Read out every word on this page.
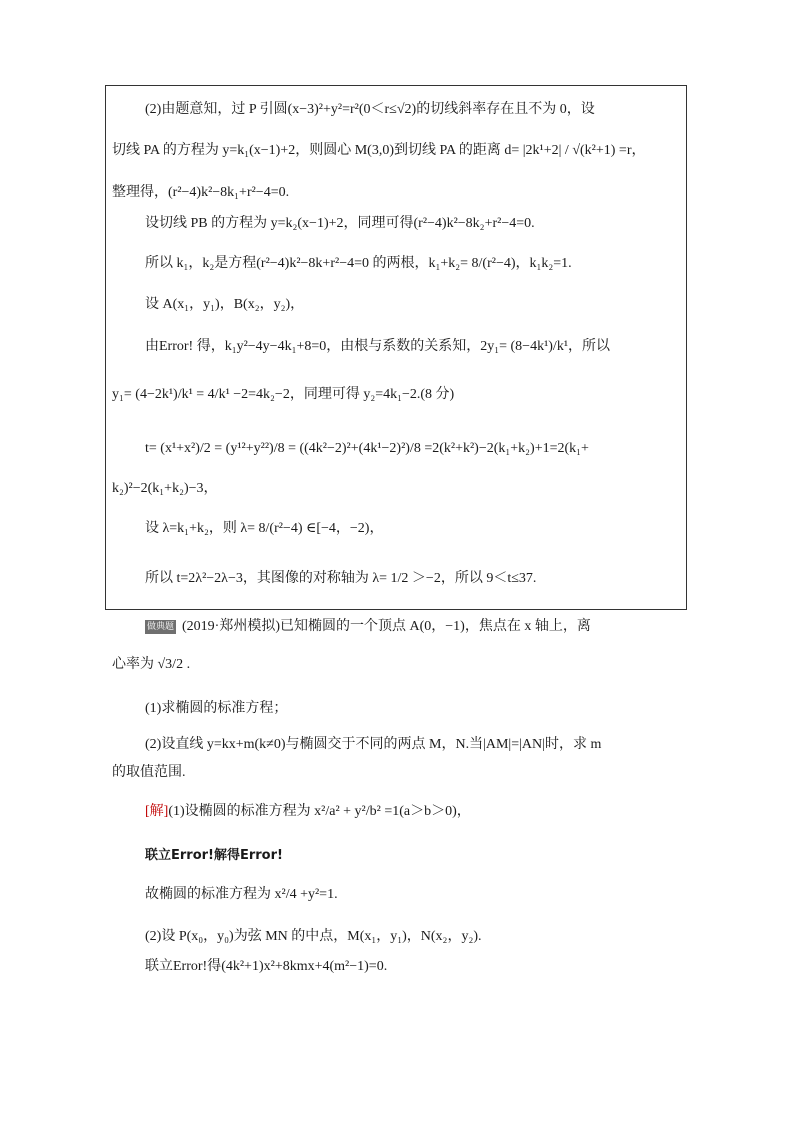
(2)由题意知，过 P 引圆(x−3)²+y²=r²(0＜r≤√2)的切线斜率存在且不为 0，设
切线 PA 的方程为 y=k₁(x−1)+2，则圆心 M(3,0)到切线 PA 的距离 d= |2k¹+2| / √(k²+1) =r，
整理得，(r²−4)k²−8k₁+r²−4=0.
设切线 PB 的方程为 y=k₂(x−1)+2，同理可得(r²−4)k²−8k₂+r²−4=0.
所以 k₁，k₂是方程(r²−4)k²−8k+r²−4=0 的两根，k₁+k₂= 8/(r²−4)，k₁k₂=1.
设 A(x₁，y₁)，B(x₂，y₂)，
由Error! 得，k₁y²−4y−4k₁+8=0，由根与系数的关系知，2y₁= (8−4k¹)/k¹，所以
y₁= (4−2k¹)/k¹ = 4/k¹ −2=4k₂−2，同理可得 y₂=4k₁−2.(8 分)
t= (x¹+x²)/2 = (y¹²+y²²)/8 = ((4k²−2)²+(4k¹−2)²)/8 =2(k²+k²)−2(k₁+k₂)+1=2(k₁+
k₂)²−2(k₁+k₂)−3，
设 λ=k₁+k₂，则 λ= 8/(r²−4) ∈[−4，−2)，
所以 t=2λ²−2λ−3，其图像的对称轴为 λ= 1/2 ＞−2，所以 9＜t≤37.
做典题 (2019·郑州模拟)已知椭圆的一个顶点 A(0，−1)，焦点在 x 轴上，离
心率为 √3/2 .
(1)求椭圆的标准方程；
(2)设直线 y=kx+m(k≠0)与椭圆交于不同的两点 M，N.当|AM|=|AN|时，求 m
的取值范围.
[解](1)设椭圆的标准方程为 x²/a² + y²/b² =1(a＞b＞0)，
联立Error!解得Error!
故椭圆的标准方程为 x²/4 +y²=1.
(2)设 P(x₀，y₀)为弦 MN 的中点，M(x₁，y₁)，N(x₂，y₂).
联立Error!得(4k²+1)x²+8kmx+4(m²−1)=0.
